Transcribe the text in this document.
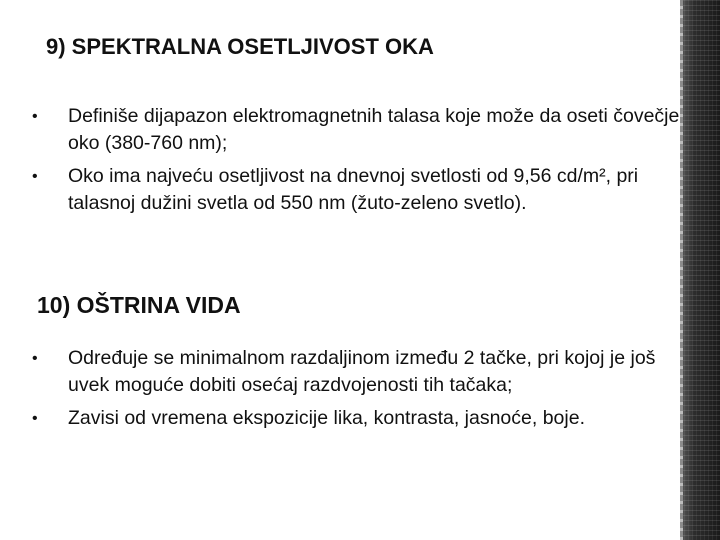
9) SPEKTRALNA OSETLJIVOST OKA
•	Definiše dijapazon elektromagnetnih talasa koje može da oseti čovečje oko (380-760 nm);
•	Oko ima najveću osetljivost na dnevnoj svetlosti od 9,56 cd/m², pri talasnoj dužini svetla od 550 nm (žuto-zeleno svetlo).
10) OŠTRINA VIDA
•	Određuje se minimalnom razdaljinom između 2 tačke, pri kojoj je još uvek moguće dobiti osećaj razdvojenosti tih tačaka;
•	Zavisi od vremena ekspozicije lika, kontrasta, jasnoće, boje.
